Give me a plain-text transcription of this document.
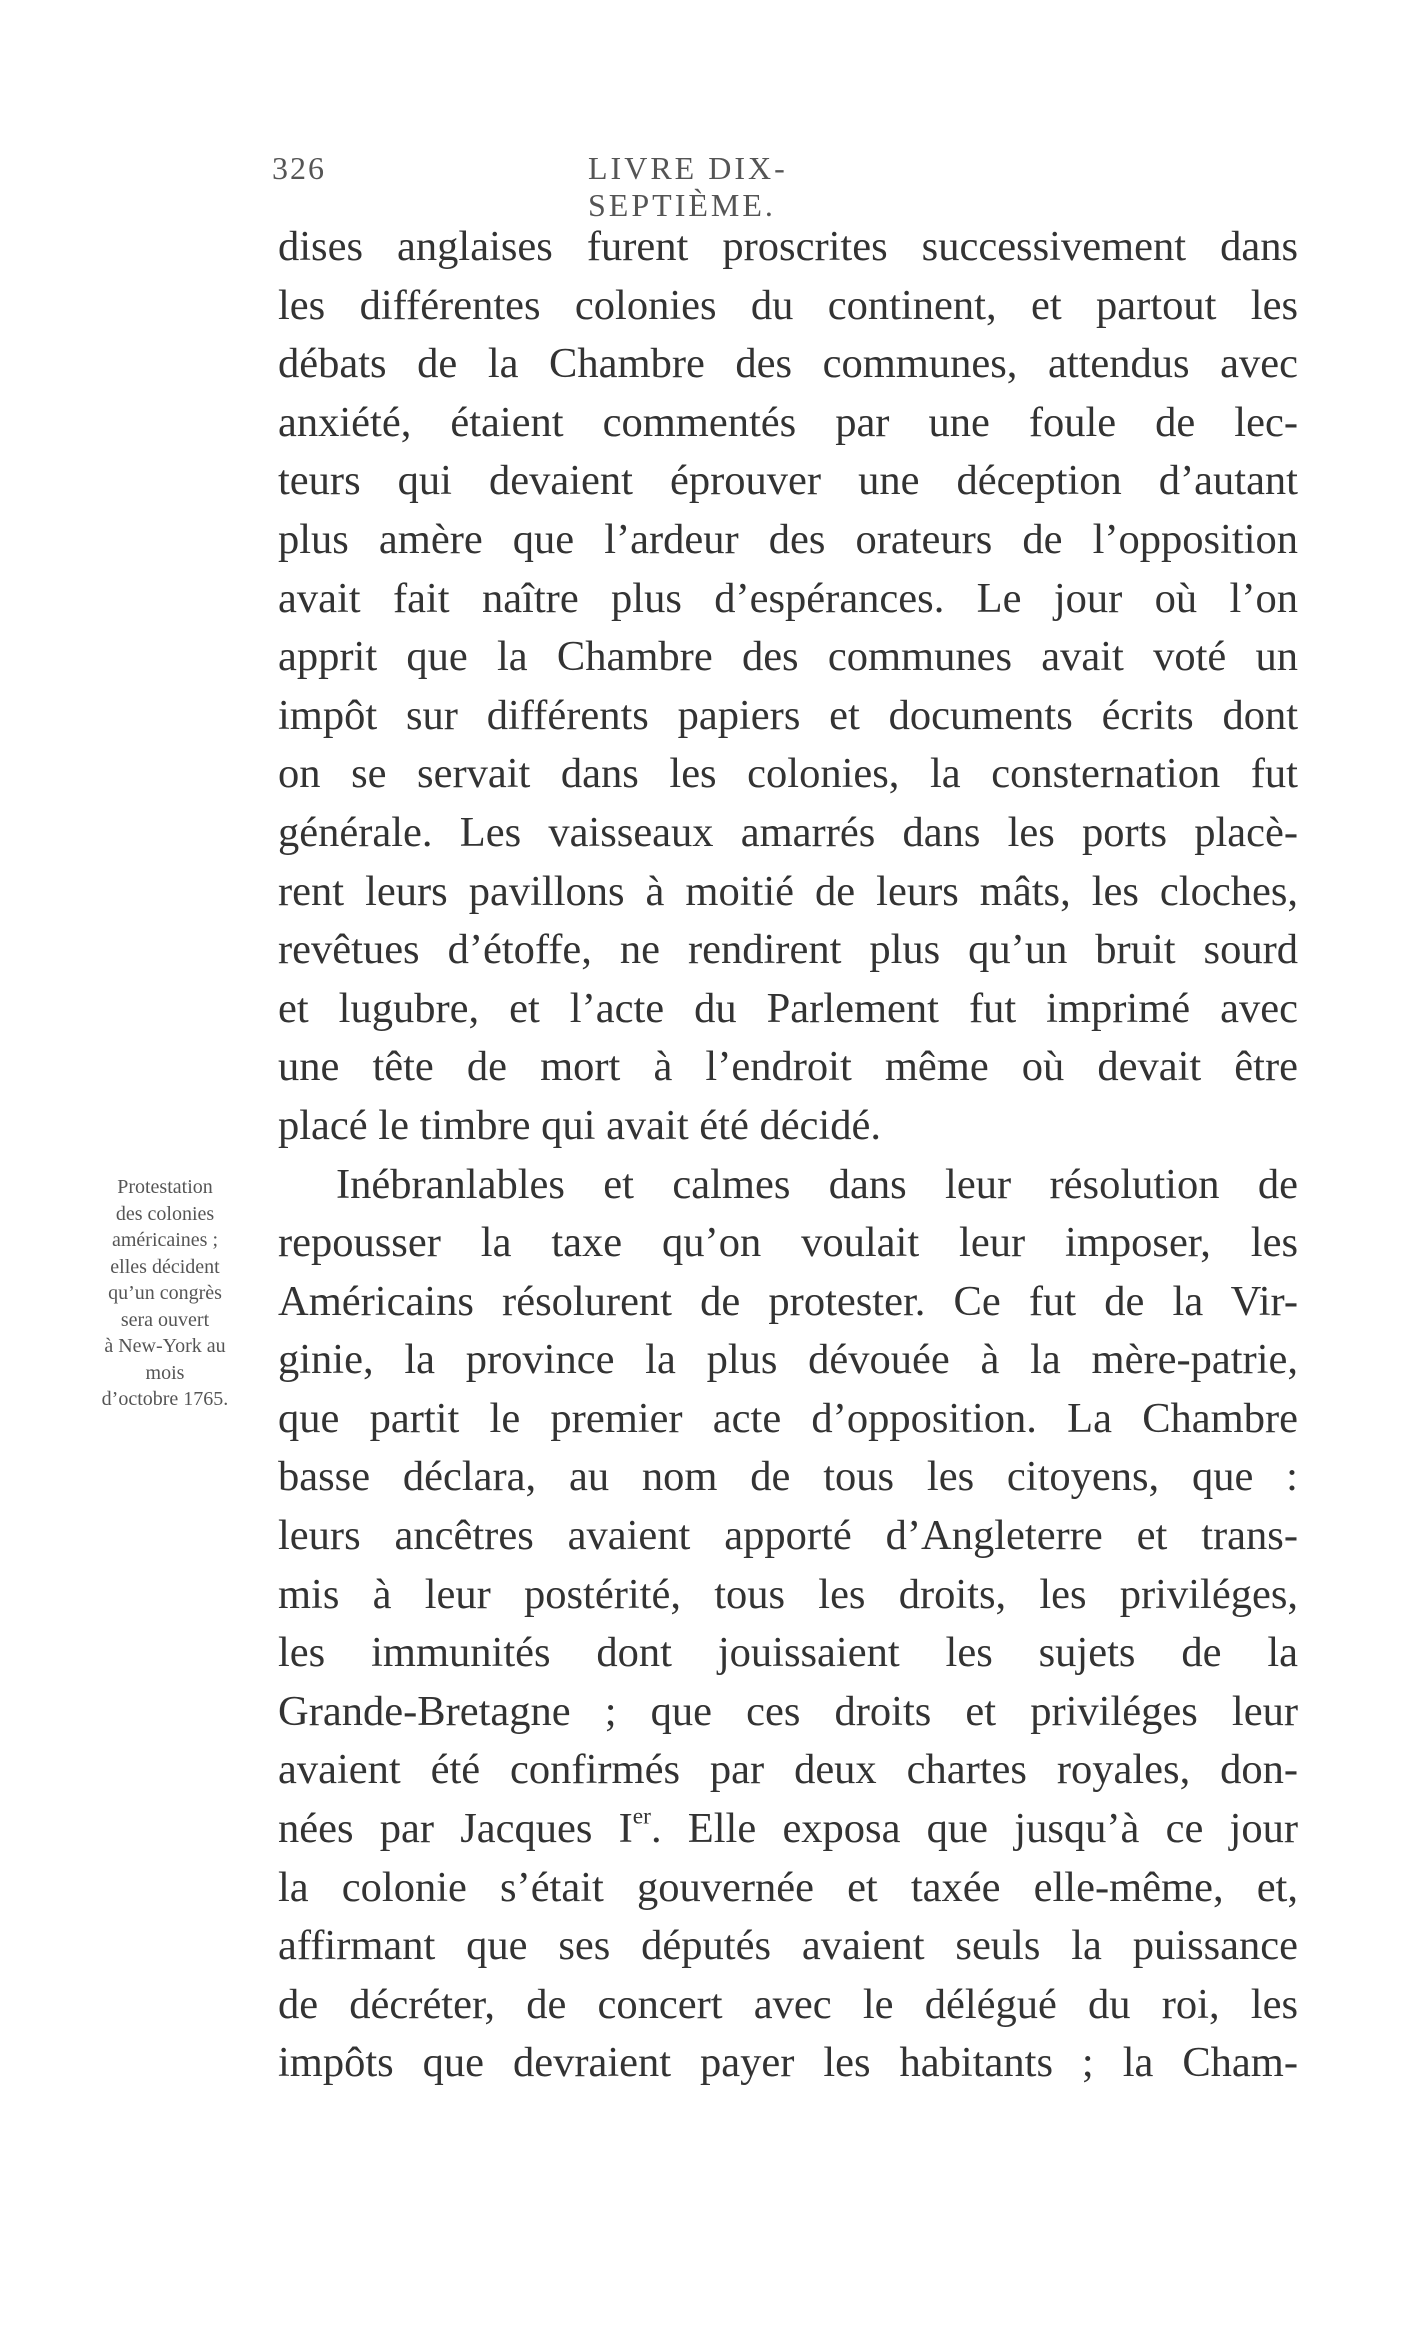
326	LIVRE DIX-SEPTIÈME.
Protestation
des colonies
américaines ;
elles décident
qu’un congrès
sera ouvert
à New-York au
mois
d’octobre 1765.
dises anglaises furent proscrites successivement dans
les différentes colonies du continent, et partout les
débats de la Chambre des communes, attendus avec
anxiété, étaient commentés par une foule de lec-
teurs qui devaient éprouver une déception d’autant
plus amère que l’ardeur des orateurs de l’opposition
avait fait naître plus d’espérances. Le jour où l’on
apprit que la Chambre des communes avait voté un
impôt sur différents papiers et documents écrits dont
on se servait dans les colonies, la consternation fut
générale. Les vaisseaux amarrés dans les ports placè-
rent leurs pavillons à moitié de leurs mâts, les cloches,
revêtues d’étoffe, ne rendirent plus qu’un bruit sourd
et lugubre, et l’acte du Parlement fut imprimé avec
une tête de mort à l’endroit même où devait être
placé le timbre qui avait été décidé.
Inébranlables et calmes dans leur résolution de
repousser la taxe qu’on voulait leur imposer, les
Américains résolurent de protester. Ce fut de la Vir-
ginie, la province la plus dévouée à la mère-patrie,
que partit le premier acte d’opposition. La Chambre
basse déclara, au nom de tous les citoyens, que :
leurs ancêtres avaient apporté d’Angleterre et trans-
mis à leur postérité, tous les droits, les priviléges,
les immunités dont jouissaient les sujets de la
Grande-Bretagne ; que ces droits et priviléges leur
avaient été confirmés par deux chartes royales, don-
nées par Jacques Ier. Elle exposa que jusqu’à ce jour
la colonie s’était gouvernée et taxée elle-même, et,
affirmant que ses députés avaient seuls la puissance
de décréter, de concert avec le délégué du roi, les
impôts que devraient payer les habitants ; la Cham-
